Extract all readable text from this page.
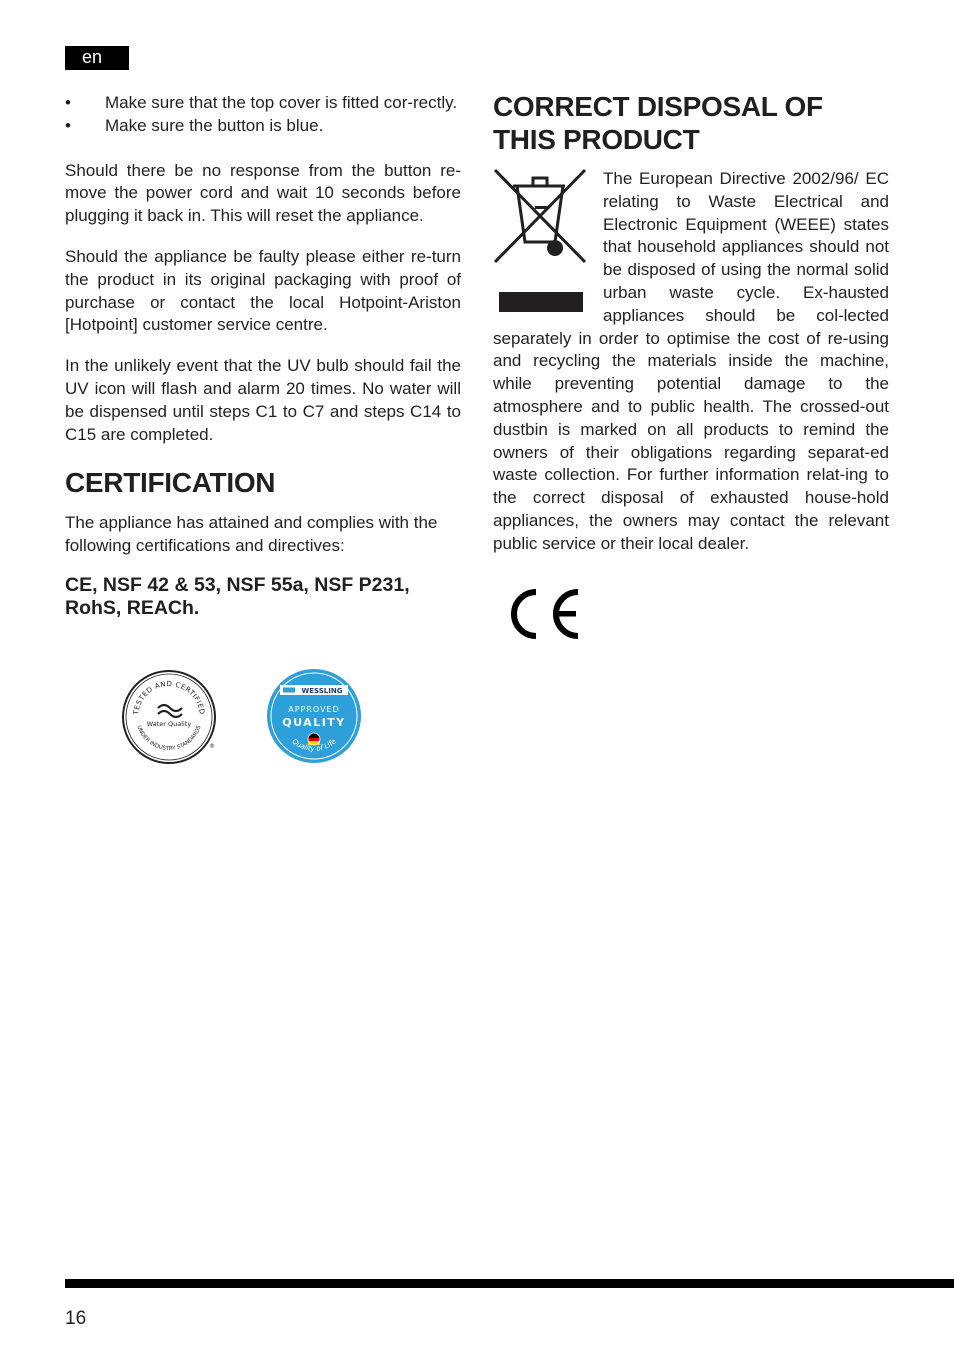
en
• Make sure that the top cover is fitted cor-rectly.
• Make sure the button is blue.

Should there be no response from the button re-move the power cord and wait 10 seconds before plugging it back in. This will reset the appliance.

Should the appliance be faulty please either re-turn the product in its original packaging with proof of purchase or contact the local Hotpoint-Ariston [Hotpoint] customer service centre.

In the unlikely event that the UV bulb should fail the UV icon will flash and alarm 20 times. No water will be dispensed until steps C1 to C7 and steps C14 to C15 are completed.

CERTIFICATION

The appliance has attained and complies with the following certifications and directives:

CE, NSF 42 & 53, NSF 55a, NSF P231, RohS, REACh.
TESTED AND CERTIFIED
UNDER INDUSTRY STANDARDS
Water Quality
®
WESSLING
APPROVED
QUALITY
Quality of Life
CORRECT DISPOSAL OF THIS PRODUCT
The European Directive 2002/96/ EC relating to Waste Electrical and Electronic Equipment (WEEE) states that household appliances should not be disposed of using the normal solid urban waste cycle. Ex-hausted appliances should be col-lected separately in order to optimise the cost of re-using and recycling the materials inside the machine, while preventing potential damage to the atmosphere and to public health. The crossed-out dustbin is marked on all products to remind the owners of their obligations regarding separat-ed waste collection. For further information relat-ing to the correct disposal of exhausted house-hold appliances, the owners may contact the relevant public service or their local dealer.
16
